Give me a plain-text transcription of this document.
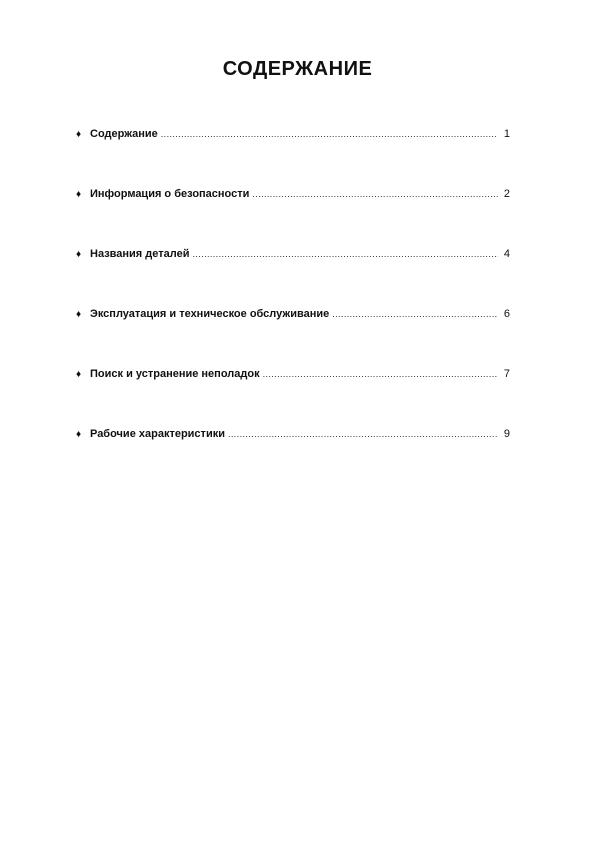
СОДЕРЖАНИЕ
♦ Содержание .....	1
♦ Информация о безопасности .....	2
♦ Названия деталей .....	4
♦ Эксплуатация и техническое обслуживание .....	6
♦ Поиск и устранение неполадок .....	7
♦ Рабочие характеристики .....	9
